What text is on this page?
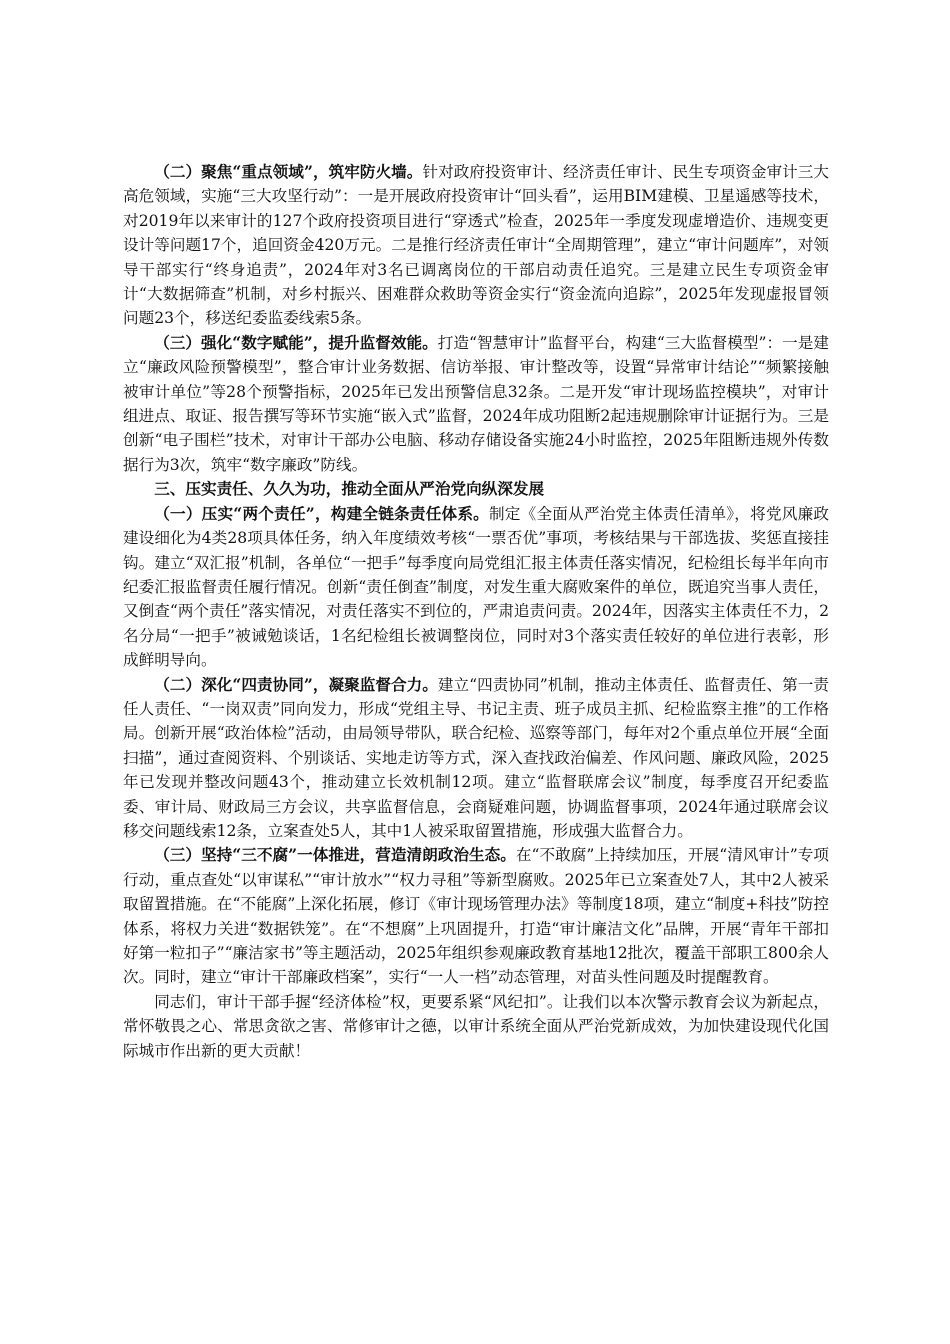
（二）聚焦“重点领域”，筑牢防火墙。针对政府投资审计、经济责任审计、民生专项资金审计三大高危领域，实施“三大攻坚行动”：一是开展政府投资审计“回头看”，运用BIM建模、卫星遥感等技术，对2019年以来审计的127个政府投资项目进行“穿透式”检查，2025年一季度发现虚增造价、违规变更设计等问题17个，追回资金420万元。二是推行经济责任审计“全周期管理”，建立“审计问题库”，对领导干部实行“终身追责”，2024年对3名已调离岗位的干部启动责任追究。三是建立民生专项资金审计“大数据筛查”机制，对乡村振兴、困难群众救助等资金实行“资金流向追踪”，2025年发现虚报冒领问题23个，移送纪委监委线索5条。

（三）强化“数字赋能”，提升监督效能。打造“智慧审计”监督平台，构建“三大监督模型”：一是建立“廉政风险预警模型”，整合审计业务数据、信访举报、审计整改等，设置“异常审计结论”“频繁接触被审计单位”等28个预警指标，2025年已发出预警信息32条。二是开发“审计现场监控模块”，对审计组进点、取证、报告撰写等环节实施“嵌入式”监督，2024年成功阻断2起违规删除审计证据行为。三是创新“电子围栏”技术，对审计干部办公电脑、移动存储设备实施24小时监控，2025年阻断违规外传数据行为3次，筑牢“数字廉政”防线。

三、压实责任、久久为功，推动全面从严治党向纵深发展

（一）压实“两个责任”，构建全链条责任体系。制定《全面从严治党主体责任清单》，将党风廉政建设细化为4类28项具体任务，纳入年度绩效考核“一票否优”事项，考核结果与干部选拔、奖惩直接挂钩。建立“双汇报”机制，各单位“一把手”每季度向局党组汇报主体责任落实情况，纪检组长每半年向市纪委汇报监督责任履行情况。创新“责任倒查”制度，对发生重大腐败案件的单位，既追究当事人责任，又倒查“两个责任”落实情况，对责任落实不到位的，严肃追责问责。2024年，因落实主体责任不力，2名分局“一把手”被诫勉谈话，1名纪检组长被调整岗位，同时对3个落实责任较好的单位进行表彰，形成鲜明导向。

（二）深化“四责协同”，凝聚监督合力。建立“四责协同”机制，推动主体责任、监督责任、第一责任人责任、“一岗双责”同向发力，形成“党组主导、书记主责、班子成员主抓、纪检监察主推”的工作格局。创新开展“政治体检”活动，由局领导带队，联合纪检、巡察等部门，每年对2个重点单位开展“全面扫描”，通过查阅资料、个别谈话、实地走访等方式，深入查找政治偏差、作风问题、廉政风险，2025年已发现并整改问题43个，推动建立长效机制12项。建立“监督联席会议”制度，每季度召开纪委监委、审计局、财政局三方会议，共享监督信息，会商疑难问题，协调监督事项，2024年通过联席会议移交问题线索12条，立案查处5人，其中1人被采取留置措施，形成强大监督合力。

（三）坚持“三不腐”一体推进，营造清朗政治生态。在“不敢腐”上持续加压，开展“清风审计”专项行动，重点查处“以审谋私”“审计放水”“权力寻租”等新型腐败。2025年已立案查处7人，其中2人被采取留置措施。在“不能腐”上深化拓展，修订《审计现场管理办法》等制度18项，建立“制度+科技”防控体系，将权力关进“数据铁笼”。在“不想腐”上巩固提升，打造“审计廉洁文化”品牌，开展“青年干部扣好第一粒扣子”“廉洁家书”等主题活动，2025年组织参观廉政教育基地12批次，覆盖干部职工800余人次。同时，建立“审计干部廉政档案”，实行“一人一档”动态管理，对苗头性问题及时提醒教育。

同志们，审计干部手握“经济体检”权，更要系紧“风纪扣”。让我们以本次警示教育会议为新起点，常怀敬畏之心、常思贪欲之害、常修审计之德，以审计系统全面从严治党新成效，为加快建设现代化国际城市作出新的更大贡献！
